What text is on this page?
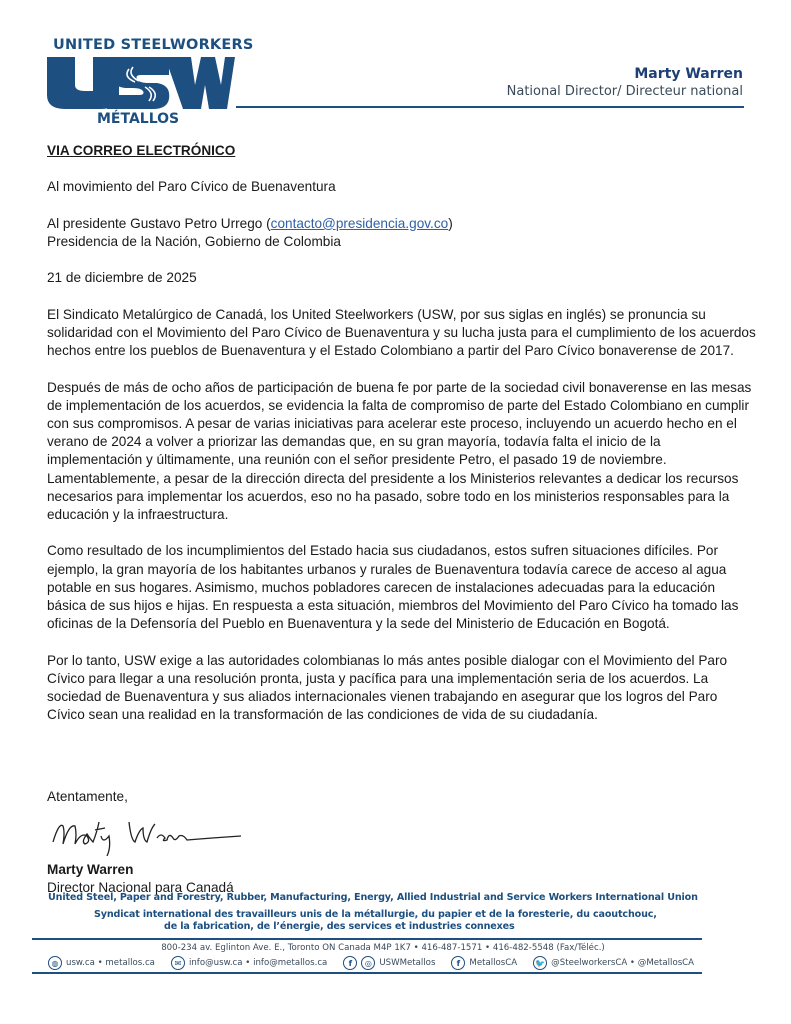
UNITED STEELWORKERS
MÉTALLOS
®
Marty Warren
National Director/ Directeur national

VIA CORREO ELECTRÓNICO

Al movimiento del Paro Cívico de Buenaventura

Al presidente Gustavo Petro Urrego (contacto@presidencia.gov.co)
Presidencia de la Nación, Gobierno de Colombia

21 de diciembre de 2025

El Sindicato Metalúrgico de Canadá, los United Steelworkers (USW, por sus siglas en inglés) se pronuncia su solidaridad con el Movimiento del Paro Cívico de Buenaventura y su lucha justa para el cumplimiento de los acuerdos hechos entre los pueblos de Buenaventura y el Estado Colombiano a partir del Paro Cívico bonaverense de 2017.

Después de más de ocho años de participación de buena fe por parte de la sociedad civil bonaverense en las mesas de implementación de los acuerdos, se evidencia la falta de compromiso de parte del Estado Colombiano en cumplir con sus compromisos. A pesar de varias iniciativas para acelerar este proceso, incluyendo un acuerdo hecho en el verano de 2024 a volver a priorizar las demandas que, en su gran mayoría, todavía falta el inicio de la implementación y últimamente, una reunión con el señor presidente Petro, el pasado 19 de noviembre. Lamentablemente, a pesar de la dirección directa del presidente a los Ministerios relevantes a dedicar los recursos necesarios para implementar los acuerdos, eso no ha pasado, sobre todo en los ministerios responsables para la educación y la infraestructura.

Como resultado de los incumplimientos del Estado hacia sus ciudadanos, estos sufren situaciones difíciles. Por ejemplo, la gran mayoría de los habitantes urbanos y rurales de Buenaventura todavía carece de acceso al agua potable en sus hogares. Asimismo, muchos pobladores carecen de instalaciones adecuadas para la educación básica de sus hijos e hijas. En respuesta a esta situación, miembros del Movimiento del Paro Cívico ha tomado las oficinas de la Defensoría del Pueblo en Buenaventura y la sede del Ministerio de Educación en Bogotá.

Por lo tanto, USW exige a las autoridades colombianas lo más antes posible dialogar con el Movimiento del Paro Cívico para llegar a una resolución pronta, justa y pacífica para una implementación seria de los acuerdos. La sociedad de Buenaventura y sus aliados internacionales vienen trabajando en asegurar que los logros del Paro Cívico sean una realidad en la transformación de las condiciones de vida de su ciudadanía.

Atentamente,
Marty Warren
Director Nacional para Canadá
United Steel, Paper and Forestry, Rubber, Manufacturing, Energy, Allied Industrial and Service Workers International Union
Syndicat international des travailleurs unis de la métallurgie, du papier et de la foresterie, du caoutchouc,
de la fabrication, de l’énergie, des services et industries connexes
800-234 av. Eglinton Ave. E., Toronto ON Canada M4P 1K7 • 416-487-1571 • 416-482-5548 (Fax/Téléc.)
◍ usw.ca • metallos.ca	✉ info@usw.ca • info@metallos.ca	f	◎ USWMetallos	f	MetallosCA 🐦 @SteelworkersCA • @MetallosCA
